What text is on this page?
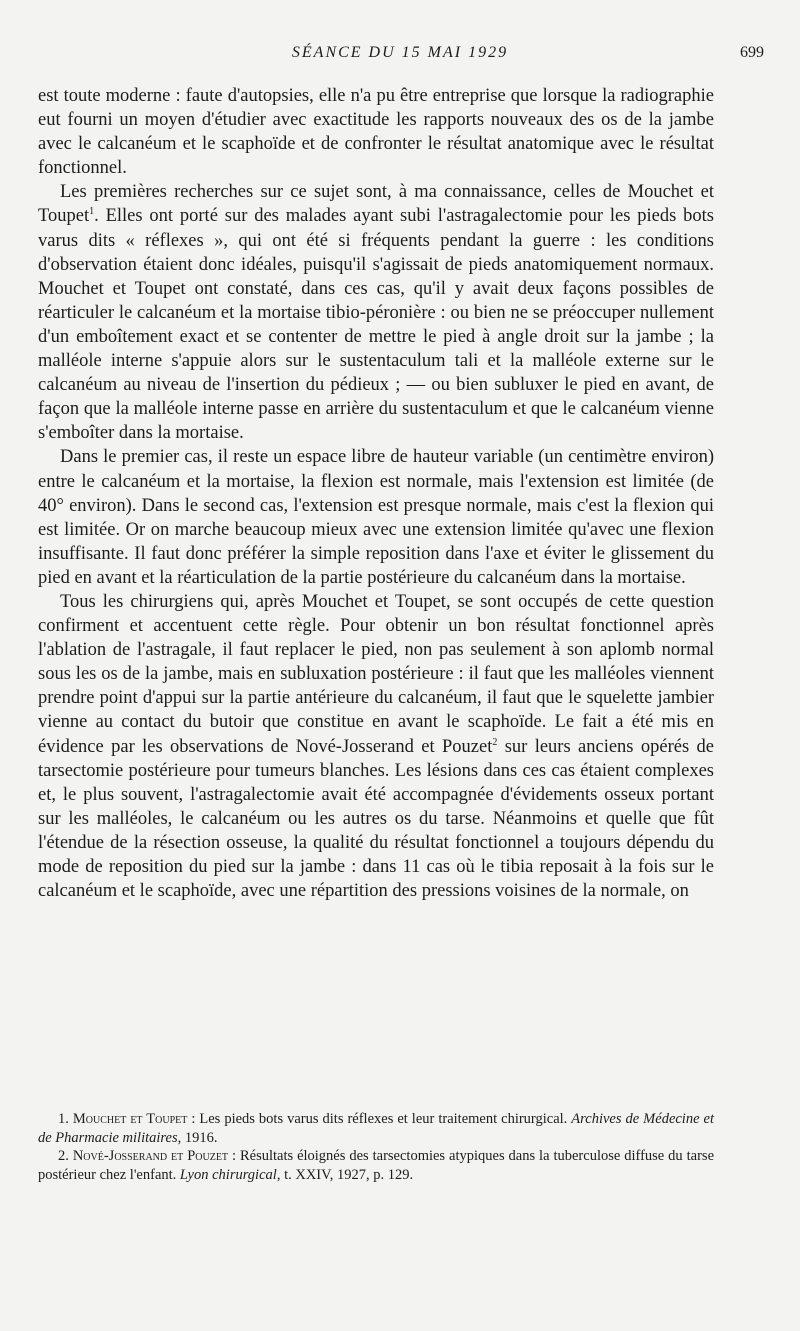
SÉANCE DU 15 MAI 1929	699

est toute moderne : faute d'autopsies, elle n'a pu être entreprise que lorsque la radiographie eut fourni un moyen d'étudier avec exactitude les rapports nouveaux des os de la jambe avec le calcanéum et le scaphoïde et de confronter le résultat anatomique avec le résultat fonctionnel.

Les premières recherches sur ce sujet sont, à ma connaissance, celles de Mouchet et Toupet$^1$. Elles ont porté sur des malades ayant subi l'astragalectomie pour les pieds bots varus dits « réflexes », qui ont été si fréquents pendant la guerre : les conditions d'observation étaient donc idéales, puisqu'il s'agissait de pieds anatomiquement normaux. Mouchet et Toupet ont constaté, dans ces cas, qu'il y avait deux façons possibles de réarticuler le calcanéum et la mortaise tibio-péronière : ou bien ne se préoccuper nullement d'un emboîtement exact et se contenter de mettre le pied à angle droit sur la jambe ; la malléole interne s'appuie alors sur le sustentaculum tali et la malléole externe sur le calcanéum au niveau de l'insertion du pédieux ; — ou bien subluxer le pied en avant, de façon que la malléole interne passe en arrière du sustentaculum et que le calcanéum vienne s'emboîter dans la mortaise.

Dans le premier cas, il reste un espace libre de hauteur variable (un centimètre environ) entre le calcanéum et la mortaise, la flexion est normale, mais l'extension est limitée (de 40° environ). Dans le second cas, l'extension est presque normale, mais c'est la flexion qui est limitée. Or on marche beaucoup mieux avec une extension limitée qu'avec une flexion insuffisante. Il faut donc préférer la simple reposition dans l'axe et éviter le glissement du pied en avant et la réarticulation de la partie postérieure du calcanéum dans la mortaise.

Tous les chirurgiens qui, après Mouchet et Toupet, se sont occupés de cette question confirment et accentuent cette règle. Pour obtenir un bon résultat fonctionnel après l'ablation de l'astragale, il faut replacer le pied, non pas seulement à son aplomb normal sous les os de la jambe, mais en subluxation postérieure : il faut que les malléoles viennent prendre point d'appui sur la partie antérieure du calcanéum, il faut que le squelette jambier vienne au contact du butoir que constitue en avant le scaphoïde. Le fait a été mis en évidence par les observations de Nové-Josserand et Pouzet$^2$ sur leurs anciens opérés de tarsectomie postérieure pour tumeurs blanches. Les lésions dans ces cas étaient complexes et, le plus souvent, l'astragalectomie avait été accompagnée d'évidements osseux portant sur les malléoles, le calcanéum ou les autres os du tarse. Néanmoins et quelle que fût l'étendue de la résection osseuse, la qualité du résultat fonctionnel a toujours dépendu du mode de reposition du pied sur la jambe : dans 11 cas où le tibia reposait à la fois sur le calcanéum et le scaphoïde, avec une répartition des pressions voisines de la normale, on

1. Mouchet et Toupet : Les pieds bots varus dits réflexes et leur traitement chirurgical. Archives de Médecine et de Pharmacie militaires, 1916.

2. Nové-Josserand et Pouzet : Résultats éloignés des tarsectomies atypiques dans la tuberculose diffuse du tarse postérieur chez l'enfant. Lyon chirurgical, t. XXIV, 1927, p. 129.
